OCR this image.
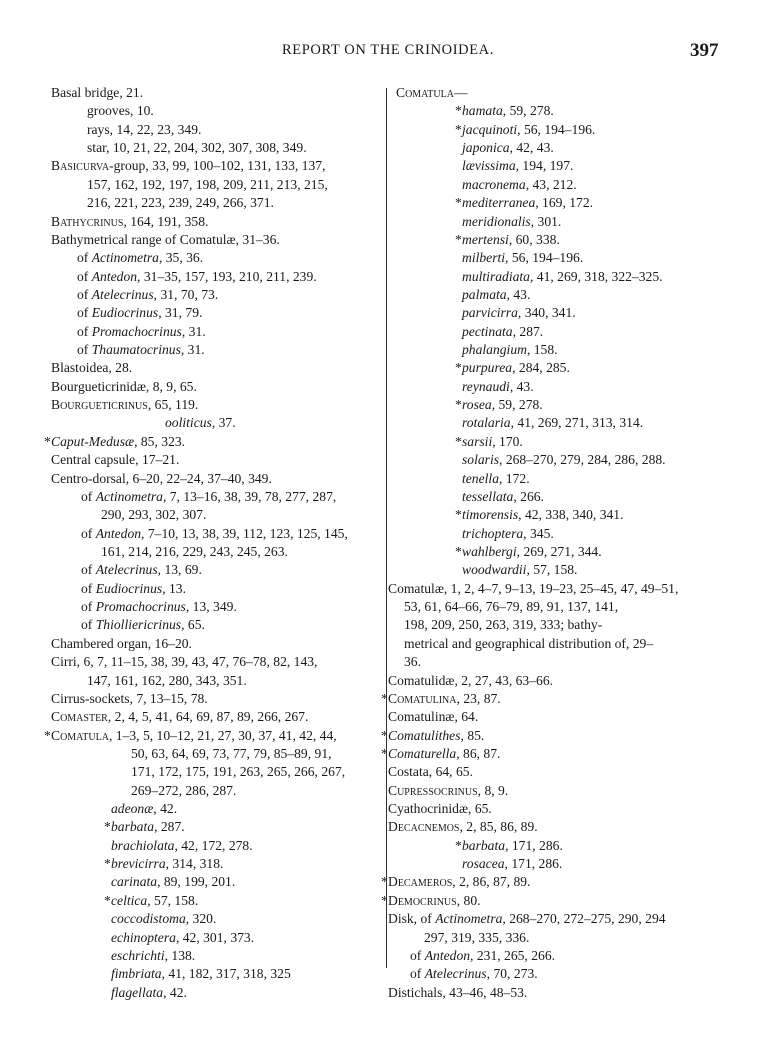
REPORT ON THE CRINOIDEA.	397
Basal bridge, 21.
grooves, 10.
rays, 14, 22, 23, 349.
star, 10, 21, 22, 204, 302, 307, 308, 349.
Basicurva -group, 33, 99, 100–102, 131, 133, 137,
157, 162, 192, 197, 198, 209, 211, 213, 215,
216, 221, 223, 239, 249, 266, 371.
Bathycrinus , 164, 191, 358.
Bathymetrical range of Comatulæ, 31–36.
of Actinometra , 35, 36.
of Antedon , 31–35, 157, 193, 210, 211, 239.
of Atelecrinus , 31, 70, 73.
of Eudiocrinus , 31, 79.
of Promachocrinus , 31.
of Thaumatocrinus , 31.
Blastoidea, 28.
Bourgueticrinidæ, 8, 9, 65.
Bourgueticrinus , 65, 119.
ooliticus , 37.
* Caput-Medusæ , 85, 323.
Central capsule, 17–21.
Centro-dorsal, 6–20, 22–24, 37–40, 349.
of Actinometra , 7, 13–16, 38, 39, 78, 277, 287,
290, 293, 302, 307.
of Antedon , 7–10, 13, 38, 39, 112, 123, 125, 145,
161, 214, 216, 229, 243, 245, 263.
of Atelecrinus , 13, 69.
of Eudiocrinus , 13.
of Promachocrinus , 13, 349.
of Thiolliericrinus , 65.
Chambered organ, 16–20.
Cirri, 6, 7, 11–15, 38, 39, 43, 47, 76–78, 82, 143,
147, 161, 162, 280, 343, 351.
Cirrus-sockets, 7, 13–15, 78.
Comaster , 2, 4, 5, 41, 64, 69, 87, 89, 266, 267.
* Comatula , 1–3, 5, 10–12, 21, 27, 30, 37, 41, 42, 44,
50, 63, 64, 69, 73, 77, 79, 85–89, 91,
171, 172, 175, 191, 263, 265, 266, 267,
269–272, 286, 287.
adeonæ , 42.
* barbata , 287.
brachiolata , 42, 172, 278.
* brevicirra , 314, 318.
carinata , 89, 199, 201.
* celtica , 57, 158.
coccodistoma , 320.
echinoptera , 42, 301, 373.
eschrichti , 138.
fimbriata , 41, 182, 317, 318, 325
flagellata , 42.
Comatula —
* hamata , 59, 278.
* jacquinoti , 56, 194–196.
japonica , 42, 43.
lævissima , 194, 197.
macronema , 43, 212.
* mediterranea , 169, 172.
meridionalis , 301.
* mertensi , 60, 338.
milberti , 56, 194–196.
multiradiata , 41, 269, 318, 322–325.
palmata , 43.
parvicirra , 340, 341.
pectinata , 287.
phalangium , 158.
* purpurea , 284, 285.
reynaudi , 43.
* rosea , 59, 278.
rotalaria , 41, 269, 271, 313, 314.
* sarsii , 170.
solaris , 268–270, 279, 284, 286, 288.
tenella , 172.
tessellata , 266.
* timorensis , 42, 338, 340, 341.
trichoptera , 345.
* wahlbergi , 269, 271, 344.
woodwardii , 57, 158.
Comatulæ, 1, 2, 4–7, 9–13, 19–23, 25–45, 47, 49–51,
53, 61, 64–66, 76–79, 89, 91, 137, 141,
198, 209, 250, 263, 319, 333; bathy-
metrical and geographical distribution of, 29–
36.
Comatulidæ, 2, 27, 43, 63–66.
* Comatulina , 23, 87.
Comatulinæ, 64.
* Comatulithes , 85.
* Comaturella , 86, 87.
Costata, 64, 65.
Cupressocrinus , 8, 9.
Cyathocrinidæ, 65.
Decacnemos , 2, 85, 86, 89.
* barbata , 171, 286.
rosacea , 171, 286.
* Decameros , 2, 86, 87, 89.
* Democrinus , 80.
Disk, of Actinometra , 268–270, 272–275, 290, 294
297, 319, 335, 336.
of Antedon , 231, 265, 266.
of Atelecrinus , 70, 273.
Distichals, 43–46, 48–53.
